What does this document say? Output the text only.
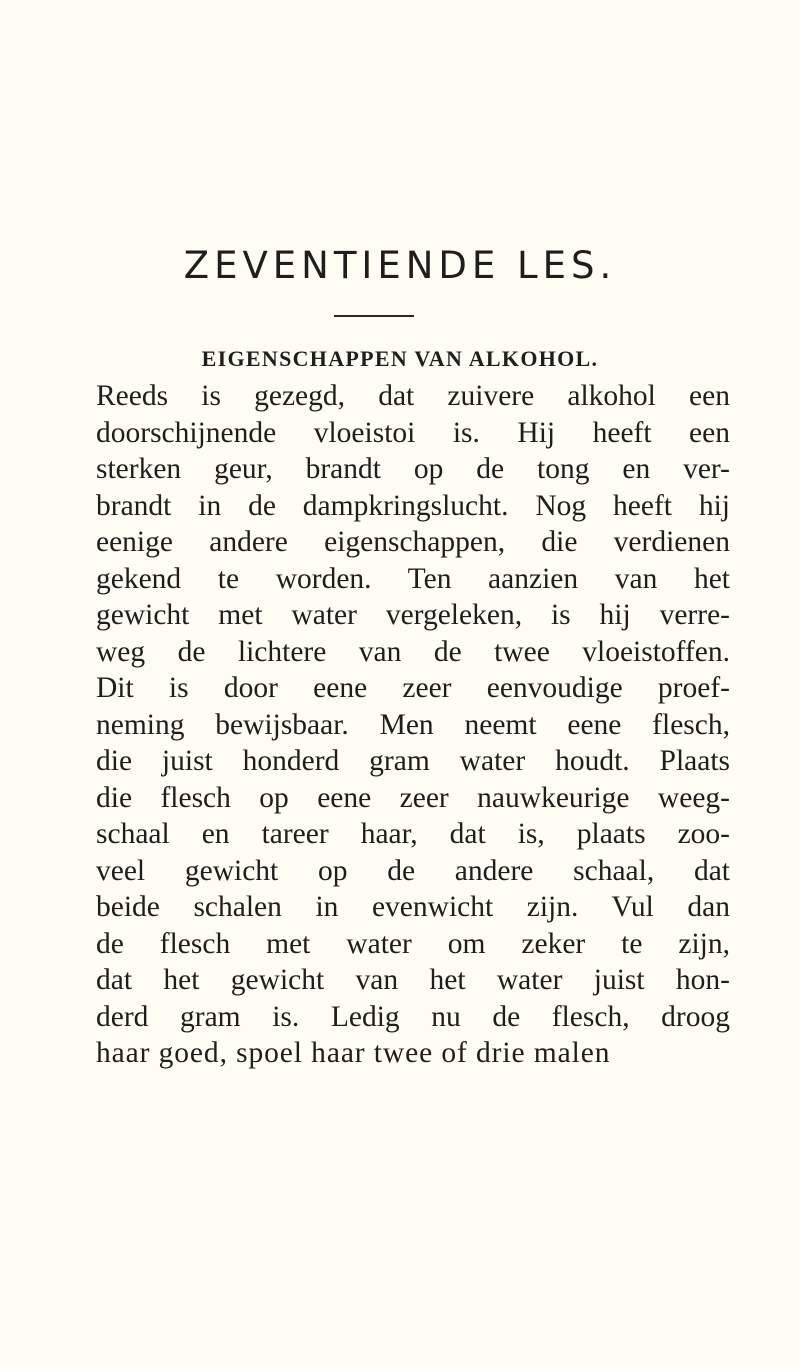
ZEVENTIENDE LES.
EIGENSCHAPPEN VAN ALKOHOL.
Reeds is gezegd, dat zuivere alkohol een
doorschijnende vloeistoi is. Hij heeft een
sterken geur, brandt op de tong en ver-
brandt in de dampkringslucht. Nog heeft hij
eenige andere eigenschappen, die verdienen
gekend te worden. Ten aanzien van het
gewicht met water vergeleken, is hij verre-
weg de lichtere van de twee vloeistoffen.
Dit is door eene zeer eenvoudige proef-
neming bewijsbaar. Men neemt eene flesch,
die juist honderd gram water houdt. Plaats
die flesch op eene zeer nauwkeurige weeg-
schaal en tareer haar, dat is, plaats zoo-
veel gewicht op de andere schaal, dat
beide schalen in evenwicht zijn. Vul dan
de flesch met water om zeker te zijn,
dat het gewicht van het water juist hon-
derd gram is. Ledig nu de flesch, droog
haar goed, spoel haar twee of drie malen
